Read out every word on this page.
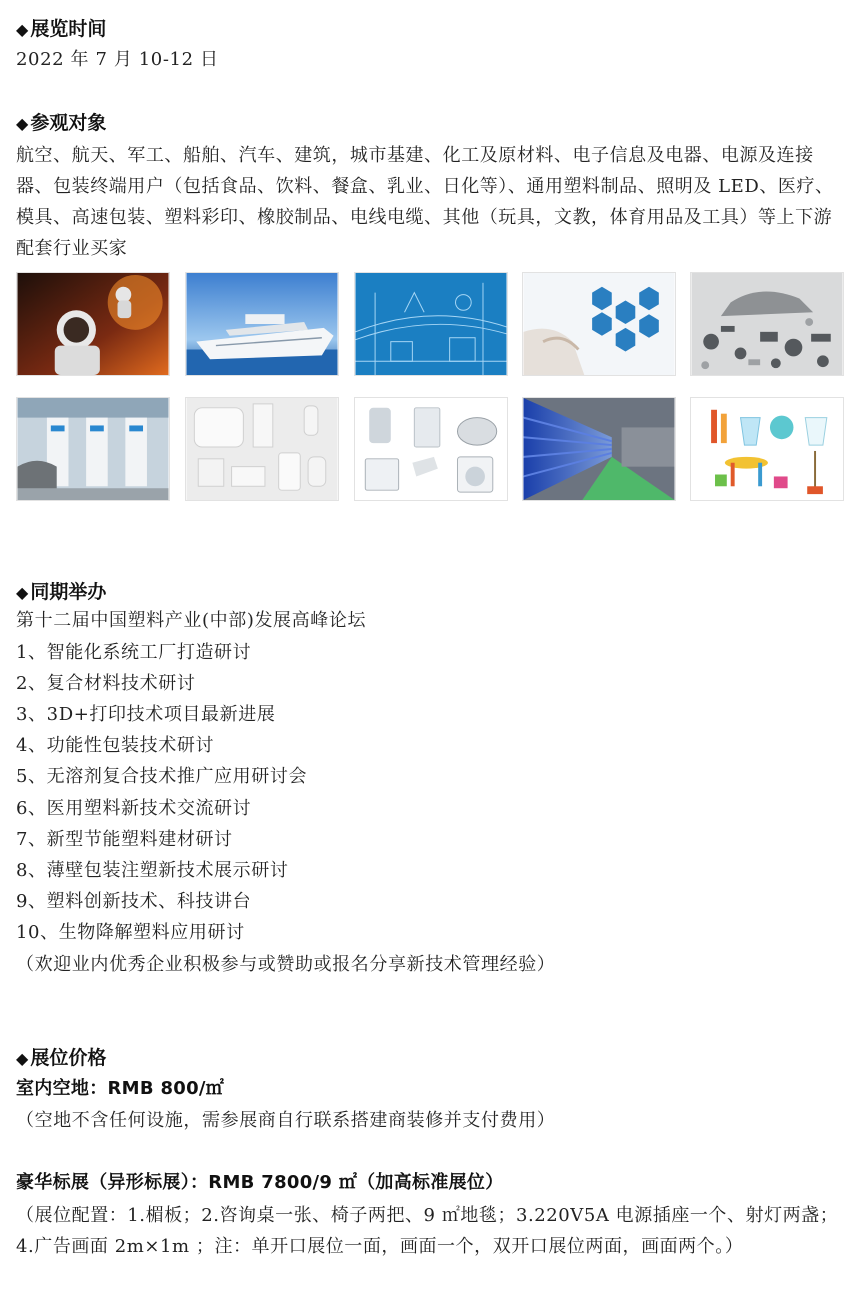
◆ 展览时间
2022 年 7 月 10-12 日
◆ 参观对象
航空、航天、军工、船舶、汽车、建筑，城市基建、化工及原材料、电子信息及电器、电源及连接器、包装终端用户（包括食品、饮料、餐盒、乳业、日化等）、通用塑料制品、照明及 LED、医疗、模具、高速包装、塑料彩印、橡胶制品、电线电缆、其他（玩具，文教，体育用品及工具）等上下游配套行业买家
◆ 同期举办
第十二届中国塑料产业(中部)发展高峰论坛
1、智能化系统工厂打造研讨
2、复合材料技术研讨
3、3D+打印技术项目最新进展
4、功能性包装技术研讨
5、无溶剂复合技术推广应用研讨会
6、医用塑料新技术交流研讨
7、新型节能塑料建材研讨
8、薄壁包装注塑新技术展示研讨
9、塑料创新技术、科技讲台
10、生物降解塑料应用研讨
（欢迎业内优秀企业积极参与或赞助或报名分享新技术管理经验）
◆ 展位价格
室内空地：RMB 800/㎡
（空地不含任何设施，需参展商自行联系搭建商装修并支付费用）
豪华标展（异形标展）：RMB 7800/9 ㎡（加高标准展位）
（展位配置：1.楣板；2.咨询桌一张、椅子两把、9 ㎡地毯；3.220V5A 电源插座一个、射灯两盏；4.广告画面 2m×1m ；注：单开口展位一面，画面一个，双开口展位两面，画面两个。）
